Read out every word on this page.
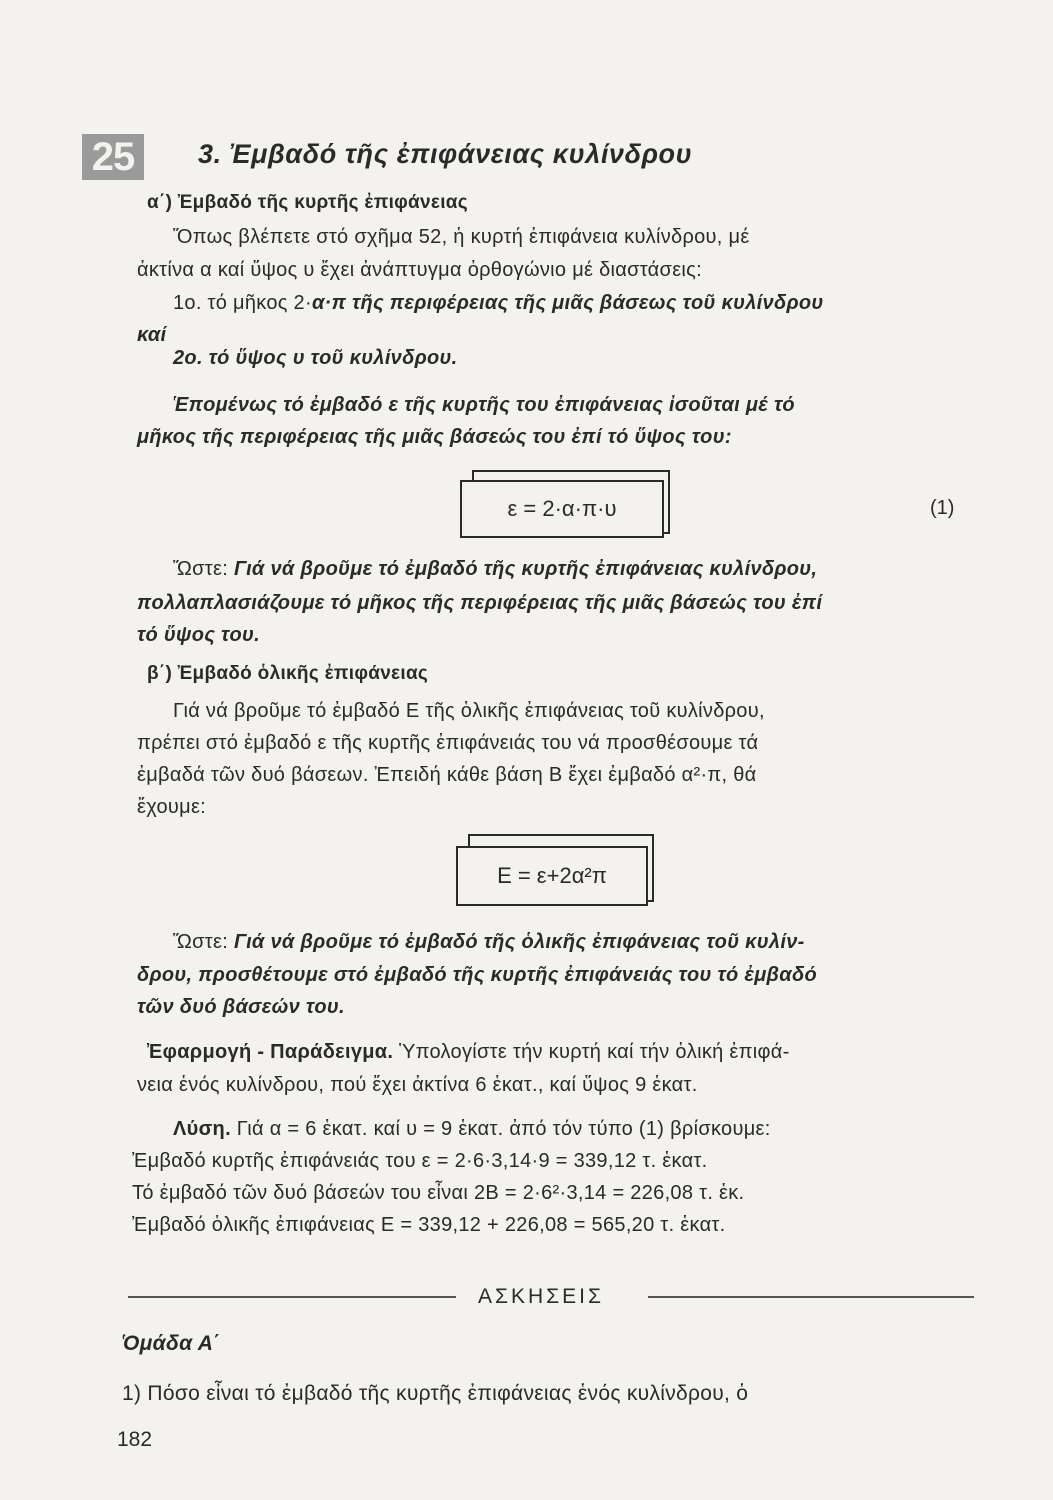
25	3. Ἐμβαδό τῆς ἐπιφάνειας κυλίνδρου
α΄) Ἐμβαδό τῆς κυρτῆς ἐπιφάνειας
Ὅπως βλέπετε στό σχῆμα 52, ἡ κυρτή ἐπιφάνεια κυλίνδρου, μέ
ἀκτίνα α καί ὕψος υ ἔχει ἀνάπτυγμα ὀρθογώνιο μέ διαστάσεις:
1ο. τό μῆκος 2·α·π τῆς περιφέρειας τῆς μιᾶς βάσεως τοῦ κυλίνδρου
καί
2ο. τό ὕψος υ τοῦ κυλίνδρου.
Ἑπομένως τό ἐμβαδό ε τῆς κυρτῆς του ἐπιφάνειας ἰσοῦται μέ τό
μῆκος τῆς περιφέρειας τῆς μιᾶς βάσεώς του ἐπί τό ὕψος του:
ε = 2·α·π·υ	(1)
Ὥστε: Γιά νά βροῦμε τό ἐμβαδό τῆς κυρτῆς ἐπιφάνειας κυλίνδρου,
πολλαπλασιάζουμε τό μῆκος τῆς περιφέρειας τῆς μιᾶς βάσεώς του ἐπί
τό ὕψος του.
β΄) Ἐμβαδό ὁλικῆς ἐπιφάνειας
Γιά νά βροῦμε τό ἐμβαδό Ε τῆς ὁλικῆς ἐπιφάνειας τοῦ κυλίνδρου,
πρέπει στό ἐμβαδό ε τῆς κυρτῆς ἐπιφάνειάς του νά προσθέσουμε τά
ἐμβαδά τῶν δυό βάσεων. Ἐπειδή κάθε βάση Β ἔχει ἐμβαδό α²·π, θά
ἔχουμε:
Ε = ε+2α²π
Ὥστε: Γιά νά βροῦμε τό ἐμβαδό τῆς ὁλικῆς ἐπιφάνειας τοῦ κυλίν-
δρου, προσθέτουμε στό ἐμβαδό τῆς κυρτῆς ἐπιφάνειάς του τό ἐμβαδό
τῶν δυό βάσεών του.
Ἐφαρμογή - Παράδειγμα. Ὑπολογίστε τήν κυρτή καί τήν ὁλική ἐπιφά-
νεια ἑνός κυλίνδρου, πού ἔχει ἀκτίνα 6 ἑκατ., καί ὕψος 9 ἑκατ.
Λύση. Γιά α = 6 ἑκατ. καί υ = 9 ἑκατ. ἀπό τόν τύπο (1) βρίσκουμε:
Ἐμβαδό κυρτῆς ἐπιφάνειάς του ε = 2·6·3,14·9 = 339,12 τ. ἑκατ.
Τό ἐμβαδό τῶν δυό βάσεών του εἶναι 2Β = 2·6²·3,14 = 226,08 τ. ἑκ.
Ἐμβαδό ὁλικῆς ἐπιφάνειας Ε = 339,12 + 226,08 = 565,20 τ. ἑκατ.
ΑΣΚΗΣΕΙΣ
Ὁμάδα Α΄
1) Πόσο εἶναι τό ἐμβαδό τῆς κυρτῆς ἐπιφάνειας ἑνός κυλίνδρου, ὁ
182
